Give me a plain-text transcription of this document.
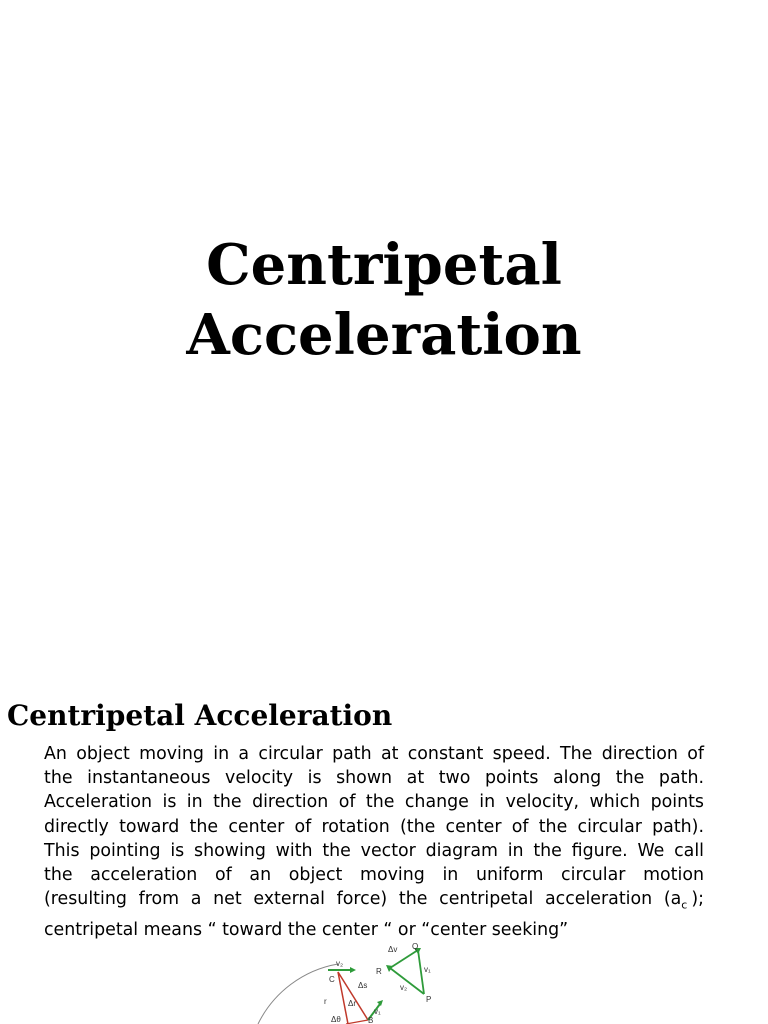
Centripetal
Acceleration
Centripetal Acceleration
An object moving in a circular path at constant speed. The direction of
the instantaneous velocity is shown at two points along the path.
Acceleration is in the direction of the change in velocity, which points
directly toward the center of rotation (the center of the circular path).
This pointing is showing with the vector diagram in the figure. We call
the acceleration of an object moving in uniform circular motion
(resulting from a net external force) the centripetal acceleration ($a_c$ );
centripetal means “ toward the center “ or “center seeking”
Q
Δv
R	v₁
v₂
P
C
v₂
Δs
r	Δr
v₁
Δθ	B
